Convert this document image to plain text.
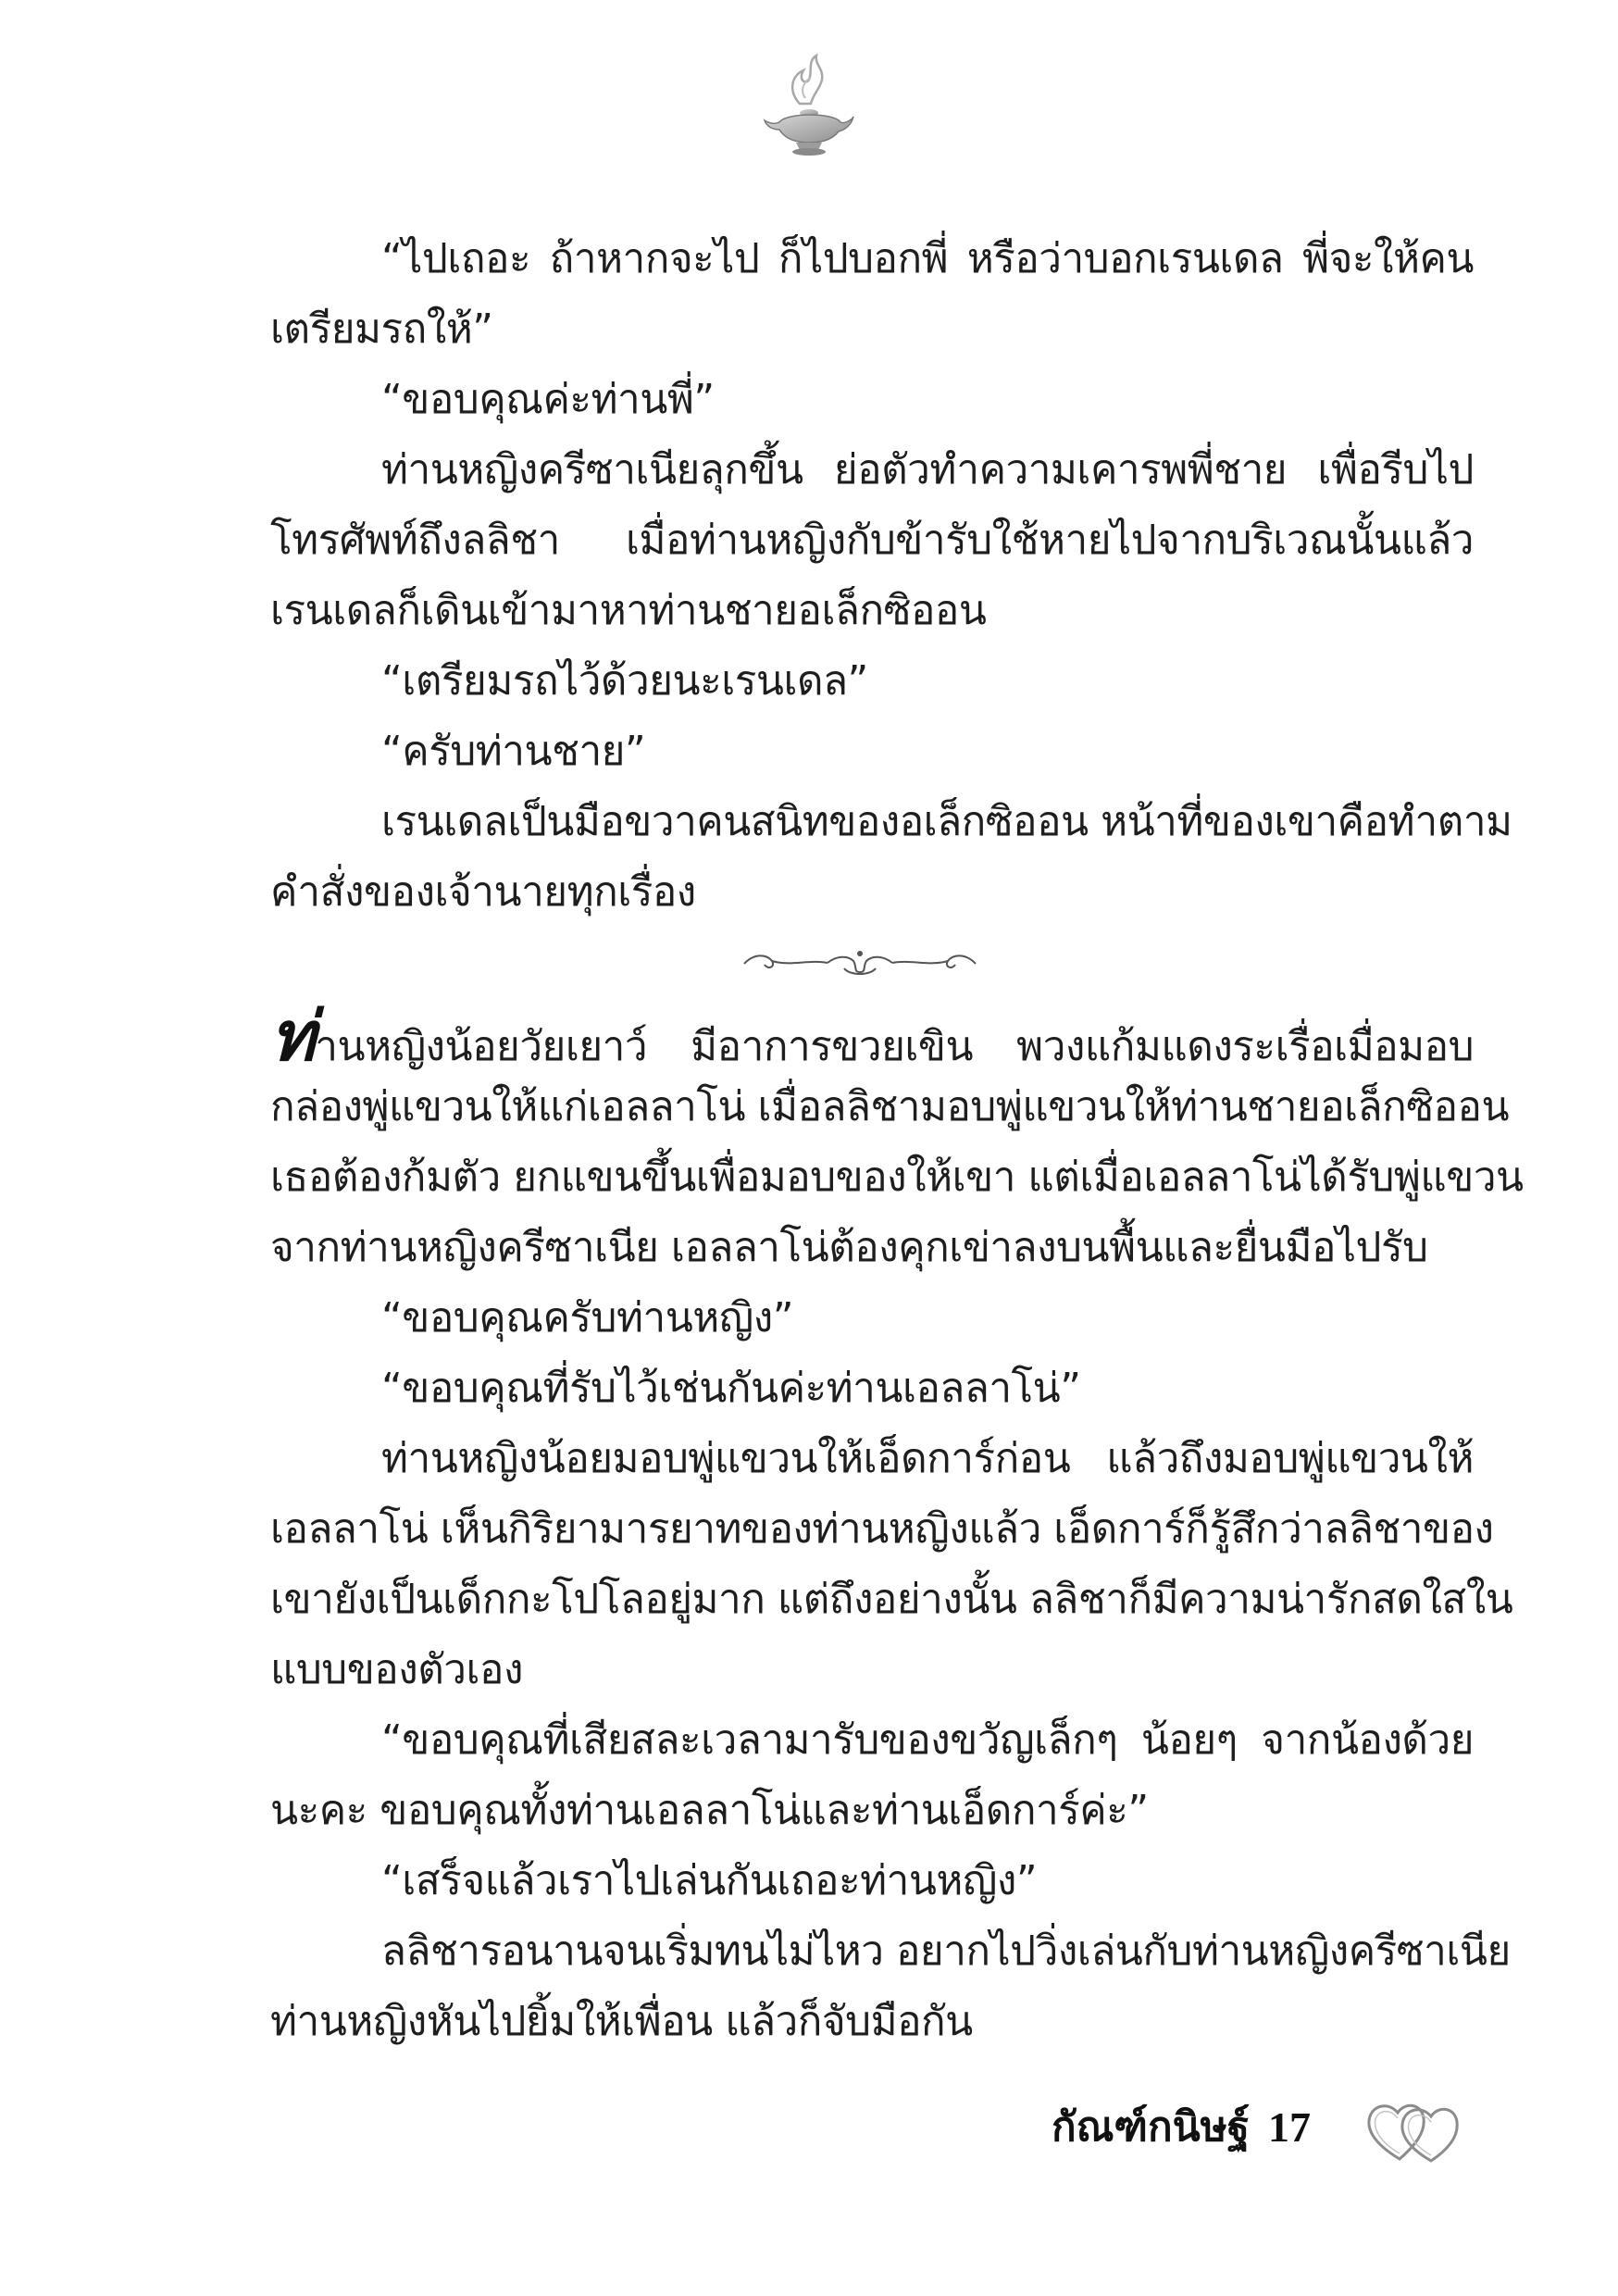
“ไปเถอะ ถ้าหากจะไป ก็ไปบอกพี่ หรือว่าบอกเรนเดล พี่จะให้คน
เตรียมรถให้”
“ขอบคุณค่ะท่านพี่”
ท่านหญิงครีซาเนียลุกขึ้น ย่อตัวทำความเคารพพี่ชาย เพื่อรีบไป
โทรศัพท์ถึงลลิชา เมื่อท่านหญิงกับข้ารับใช้หายไปจากบริเวณนั้นแล้ว
เรนเดลก็เดินเข้ามาหาท่านชายอเล็กซิออน
“เตรียมรถไว้ด้วยนะเรนเดล”
“ครับท่านชาย”
เรนเดลเป็นมือขวาคนสนิทของอเล็กซิออน หน้าที่ของเขาคือทำตาม
คำสั่งของเจ้านายทุกเรื่อง
ท่านหญิงน้อยวัยเยาว์ มีอาการขวยเขิน พวงแก้มแดงระเรื่อเมื่อมอบ
กล่องพู่แขวนให้แก่เอลลาโน่ เมื่อลลิชามอบพู่แขวนให้ท่านชายอเล็กซิออน
เธอต้องก้มตัว ยกแขนขึ้นเพื่อมอบของให้เขา แต่เมื่อเอลลาโน่ได้รับพู่แขวน
จากท่านหญิงครีซาเนีย เอลลาโน่ต้องคุกเข่าลงบนพื้นและยื่นมือไปรับ
“ขอบคุณครับท่านหญิง”
“ขอบคุณที่รับไว้เช่นกันค่ะท่านเอลลาโน่”
ท่านหญิงน้อยมอบพู่แขวนให้เอ็ดการ์ก่อน แล้วถึงมอบพู่แขวนให้
เอลลาโน่ เห็นกิริยามารยาทของท่านหญิงแล้ว เอ็ดการ์ก็รู้สึกว่าลลิชาของ
เขายังเป็นเด็กกะโปโลอยู่มาก แต่ถึงอย่างนั้น ลลิชาก็มีความน่ารักสดใสใน
แบบของตัวเอง
“ขอบคุณที่เสียสละเวลามารับของขวัญเล็กๆ น้อยๆ จากน้องด้วย
นะคะ ขอบคุณทั้งท่านเอลลาโน่และท่านเอ็ดการ์ค่ะ”
“เสร็จแล้วเราไปเล่นกันเถอะท่านหญิง”
ลลิชารอนานจนเริ่มทนไม่ไหว อยากไปวิ่งเล่นกับท่านหญิงครีซาเนีย
ท่านหญิงหันไปยิ้มให้เพื่อน แล้วก็จับมือกัน
กัณฑ์กนิษฐ์ 17
